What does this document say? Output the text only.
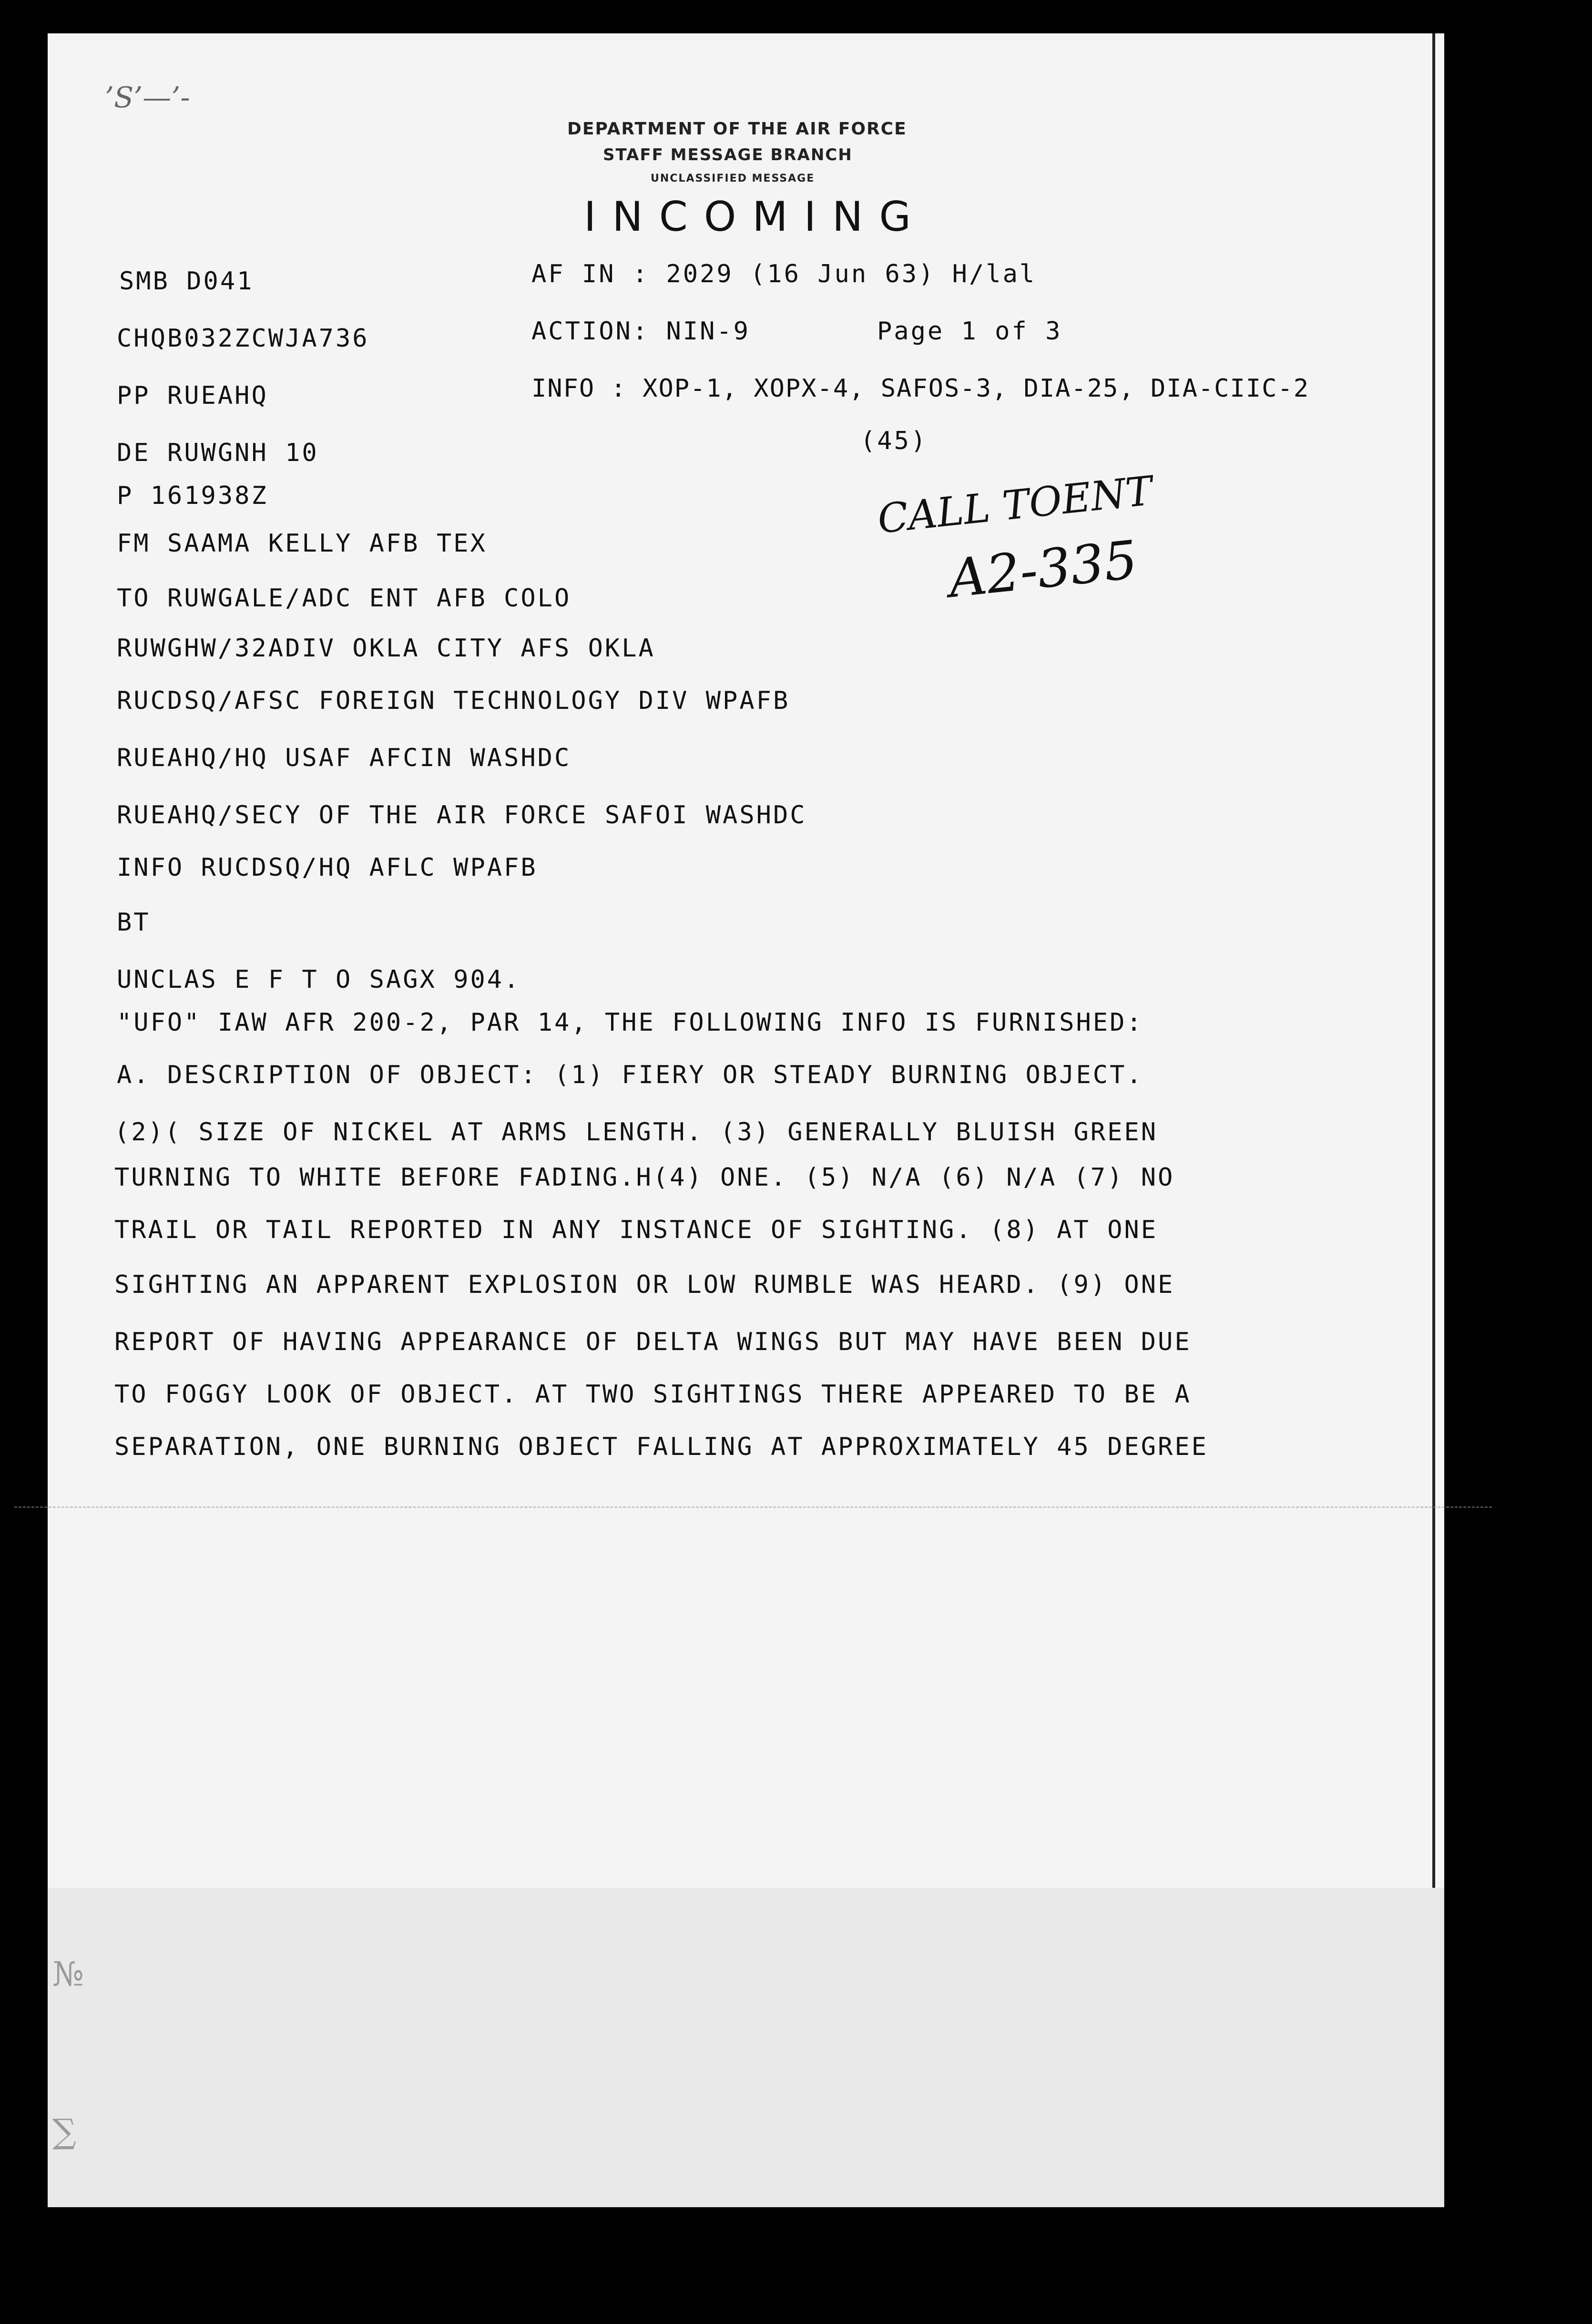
’S’—’-
DEPARTMENT OF THE AIR FORCE
STAFF MESSAGE BRANCH
UNCLASSIFIED MESSAGE
INCOMING
SMB D041
CHQB032ZCWJA736
PP RUEAHQ
DE RUWGNH 10
P 161938Z
AF IN : 2029 (16 Jun 63) H/lal
ACTION: NIN-9	Page 1 of 3
INFO : XOP-1, XOPX-4, SAFOS-3, DIA-25, DIA-CIIC-2
(45)
CALL TOENT
A2-335
FM SAAMA KELLY AFB TEX
TO RUWGALE/ADC ENT AFB COLO
RUWGHW/32ADIV OKLA CITY AFS OKLA
RUCDSQ/AFSC FOREIGN TECHNOLOGY DIV WPAFB
RUEAHQ/HQ USAF AFCIN WASHDC
RUEAHQ/SECY OF THE AIR FORCE SAFOI WASHDC
INFO RUCDSQ/HQ AFLC WPAFB
BT
UNCLAS E F T O SAGX 904.
"UFO" IAW AFR 200-2, PAR 14, THE FOLLOWING INFO IS FURNISHED:
A. DESCRIPTION OF OBJECT: (1) FIERY OR STEADY BURNING OBJECT.
(2)( SIZE OF NICKEL AT ARMS LENGTH. (3) GENERALLY BLUISH GREEN
TURNING TO WHITE BEFORE FADING.H(4) ONE. (5) N/A (6) N/A (7) NO
TRAIL OR TAIL REPORTED IN ANY INSTANCE OF SIGHTING. (8) AT ONE
SIGHTING AN APPARENT EXPLOSION OR LOW RUMBLE WAS HEARD. (9) ONE
REPORT OF HAVING APPEARANCE OF DELTA WINGS BUT MAY HAVE BEEN DUE
TO FOGGY LOOK OF OBJECT. AT TWO SIGHTINGS THERE APPEARED TO BE A
SEPARATION, ONE BURNING OBJECT FALLING AT APPROXIMATELY 45 DEGREE
№
∑
